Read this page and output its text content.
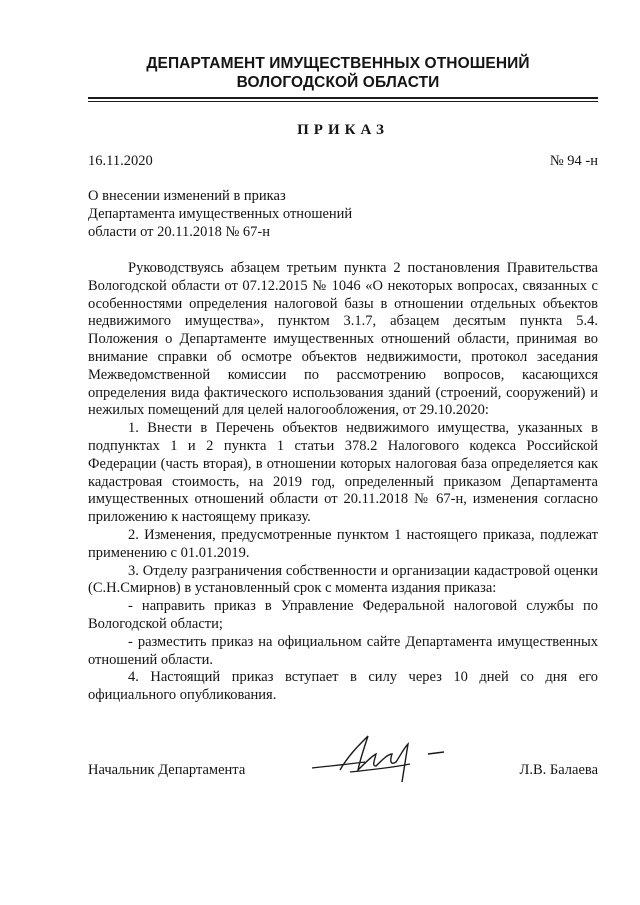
ДЕПАРТАМЕНТ ИМУЩЕСТВЕННЫХ ОТНОШЕНИЙ
ВОЛОГОДСКОЙ ОБЛАСТИ
ПРИКАЗ
16.11.2020	№ 94 -н
О внесении изменений в приказ
Департамента имущественных отношений
области от 20.11.2018 № 67-н

Руководствуясь абзацем третьим пункта 2 постановления Правительства Вологодской области от 07.12.2015 № 1046 «О некоторых вопросах, связанных с особенностями определения налоговой базы в отношении отдельных объектов недвижимого имущества», пунктом 3.1.7, абзацем десятым пункта 5.4. Положения о Департаменте имущественных отношений области, принимая во внимание справки об осмотре объектов недвижимости, протокол заседания Межведомственной комиссии по рассмотрению вопросов, касающихся определения вида фактического использования зданий (строений, сооружений) и нежилых помещений для целей налогообложения, от 29.10.2020:

1. Внести в Перечень объектов недвижимого имущества, указанных в подпунктах 1 и 2 пункта 1 статьи 378.2 Налогового кодекса Российской Федерации (часть вторая), в отношении которых налоговая база определяется как кадастровая стоимость, на 2019 год, определенный приказом Департамента имущественных отношений области от 20.11.2018 № 67-н, изменения согласно приложению к настоящему приказу.

2. Изменения, предусмотренные пунктом 1 настоящего приказа, подлежат применению с 01.01.2019.

3. Отделу разграничения собственности и организации кадастровой оценки (С.Н.Смирнов) в установленный срок с момента издания приказа:

- направить приказ в Управление Федеральной налоговой службы по Вологодской области;

- разместить приказ на официальном сайте Департамента имущественных отношений области.

4. Настоящий приказ вступает в силу через 10 дней со дня его официального опубликования.

Начальник Департамента	Л.В. Балаева
